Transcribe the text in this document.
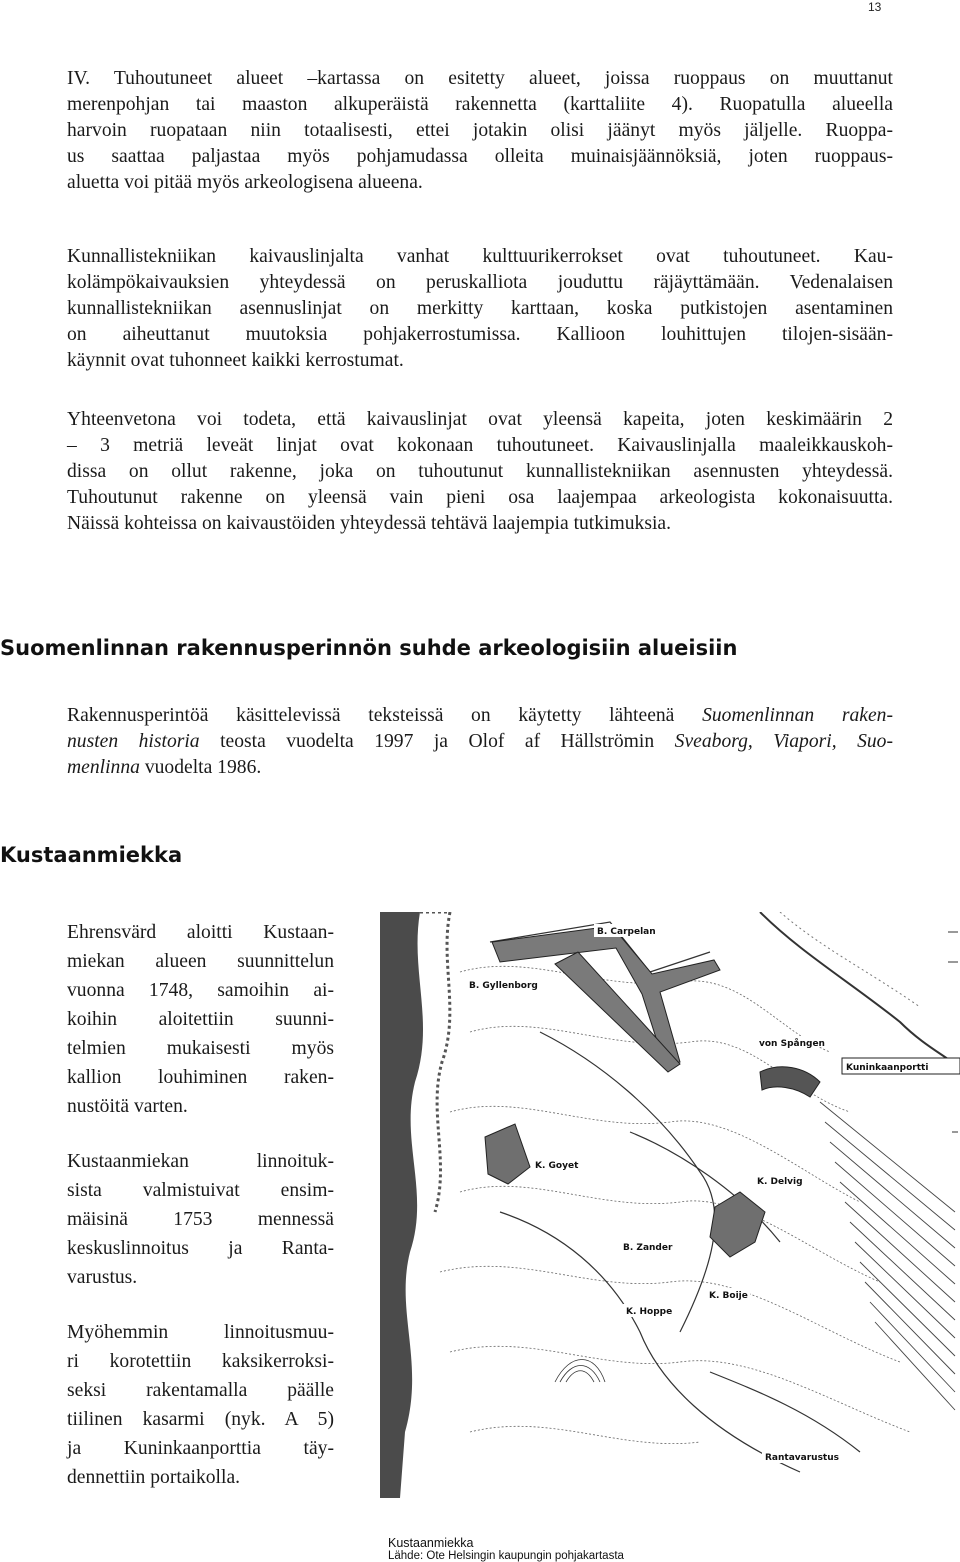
13

IV. Tuhoutuneet alueet –kartassa on esitetty alueet, joissa ruoppaus on muuttanut
merenpohjan tai maaston alkuperäistä rakennetta (karttaliite 4). Ruopatulla alueella
harvoin ruopataan niin totaalisesti, ettei jotakin olisi jäänyt myös jäljelle. Ruoppa-
us saattaa paljastaa myös pohjamudassa olleita muinaisjäännöksiä, joten ruoppaus-
aluetta voi pitää myös arkeologisena alueena.

Kunnallistekniikan kaivauslinjalta vanhat kulttuurikerrokset ovat tuhoutuneet. Kau-
kolämpökaivauksien yhteydessä on peruskalliota jouduttu räjäyttämään. Vedenalaisen
kunnallistekniikan asennuslinjat on merkitty karttaan, koska putkistojen asentaminen
on aiheuttanut muutoksia pohjakerrostumissa. Kallioon louhittujen tilojen-sisään-
käynnit ovat tuhonneet kaikki kerrostumat.

Yhteenvetona voi todeta, että kaivauslinjat ovat yleensä kapeita, joten keskimäärin 2
– 3 metriä leveät linjat ovat kokonaan tuhoutuneet. Kaivauslinjalla maaleikkauskoh-
dissa on ollut rakenne, joka on tuhoutunut kunnallistekniikan asennusten yhteydessä.
Tuhoutunut rakenne on yleensä vain pieni osa laajempaa arkeologista kokonaisuutta.
Näissä kohteissa on kaivaustöiden yhteydessä tehtävä laajempia tutkimuksia.

Suomenlinnan rakennusperinnön suhde arkeologisiin alueisiin

Rakennusperintöä käsittelevissä teksteissä on käytetty lähteenä Suomenlinnan raken-
nusten historia teosta vuodelta 1997 ja Olof af Hällströmin Sveaborg, Viapori, Suo-
menlinna vuodelta 1986.

Kustaanmiekka

Ehrensvärd aloitti Kustaan-
miekan alueen suunnittelun
vuonna 1748, samoihin ai-
koihin aloitettiin suunni-
telmien mukaisesti myös
kallion louhiminen raken-
nustöitä varten.

Kustaanmiekan linnoituk-
sista valmistuivat ensim-
mäisinä 1753 mennessä
keskuslinnoitus ja Ranta-
varustus.

Myöhemmin linnoitusmuu-
ri korotettiin kaksikerroksi-
seksi rakentamalla päälle
tiilinen kasarmi (nyk. A 5)
ja Kuninkaanporttia täy-
dennettiin portaikolla.

B. Carpelan
B. Gyllenborg
von Spången
Kuninkaanportti
K. Goyet
K. Delvig
B. Zander
K. Boije
K. Hoppe
Rantavarustus
Kustaanmiekka
Lähde: Ote Helsingin kaupungin pohjakartasta
